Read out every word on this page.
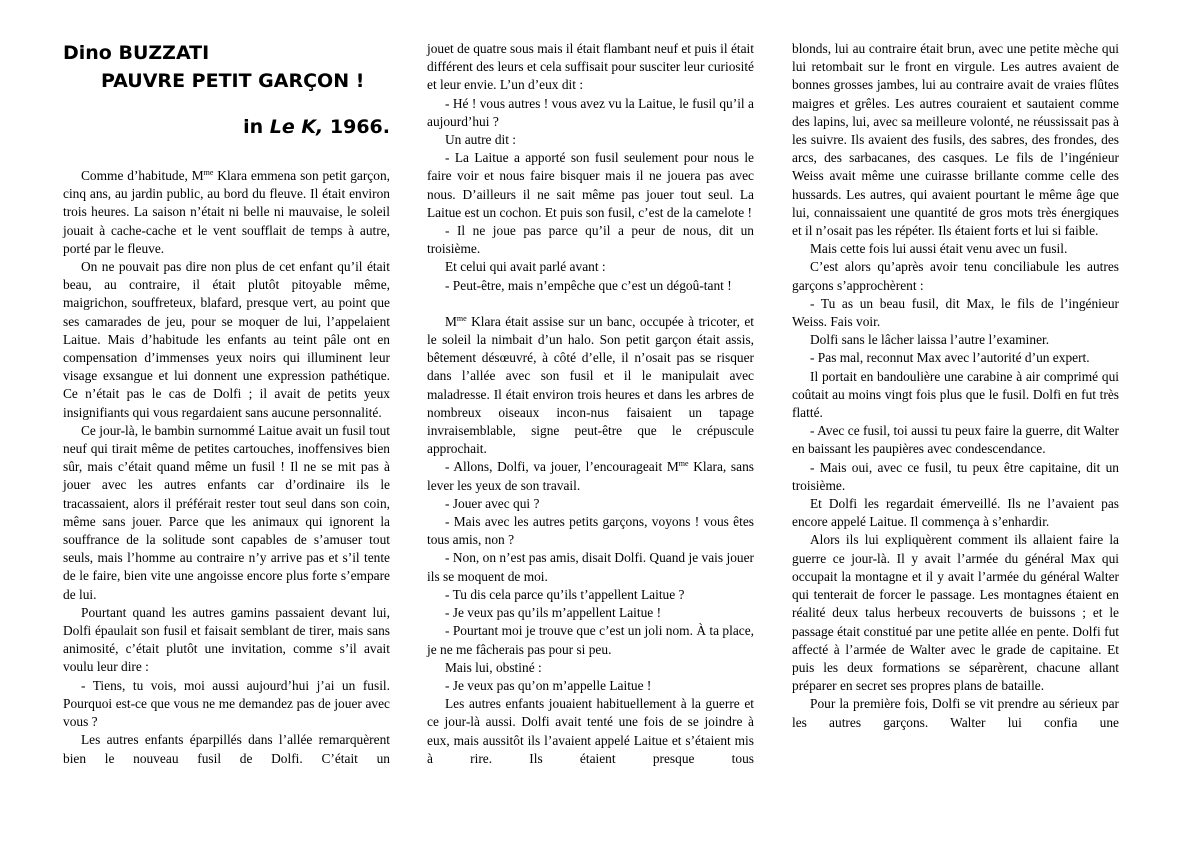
Dino BUZZATI
PAUVRE PETIT GARÇON !
in Le K, 1966.

Comme d’habitude, $M^{me}$ Klara emmena son petit garçon, cinq ans, au jardin public, au bord du fleuve. Il était environ trois heures. La saison n’était ni belle ni mauvaise, le soleil jouait à cache-cache et le vent soufflait de temps à autre, porté par le fleuve.

On ne pouvait pas dire non plus de cet enfant qu’il était beau, au contraire, il était plutôt pitoyable même, maigrichon, souffreteux, blafard, presque vert, au point que ses camarades de jeu, pour se moquer de lui, l’appelaient Laitue. Mais d’habitude les enfants au teint pâle ont en compensation d’immenses yeux noirs qui illuminent leur visage exsangue et lui donnent une expression pathétique. Ce n’était pas le cas de Dolfi ; il avait de petits yeux insignifiants qui vous regardaient sans aucune personnalité.

Ce jour-là, le bambin surnommé Laitue avait un fusil tout neuf qui tirait même de petites cartouches, inoffensives bien sûr, mais c’était quand même un fusil ! Il ne se mit pas à jouer avec les autres enfants car d’ordinaire ils le tracassaient, alors il préférait rester tout seul dans son coin, même sans jouer. Parce que les animaux qui ignorent la souffrance de la solitude sont capables de s’amuser tout seuls, mais l’homme au contraire n’y arrive pas et s’il tente de le faire, bien vite une angoisse encore plus forte s’empare de lui.

Pourtant quand les autres gamins passaient devant lui, Dolfi épaulait son fusil et faisait semblant de tirer, mais sans animosité, c’était plutôt une invitation, comme s’il avait voulu leur dire :

- Tiens, tu vois, moi aussi aujourd’hui j’ai un fusil. Pourquoi est-ce que vous ne me demandez pas de jouer avec vous ?

Les autres enfants éparpillés dans l’allée remarquèrent bien le nouveau fusil de Dolfi. C’était un

jouet de quatre sous mais il était flambant neuf et puis il était différent des leurs et cela suffisait pour susciter leur curiosité et leur envie. L’un d’eux dit :

- Hé ! vous autres ! vous avez vu la Laitue, le fusil qu’il a aujourd’hui ?

Un autre dit :

- La Laitue a apporté son fusil seulement pour nous le faire voir et nous faire bisquer mais il ne jouera pas avec nous. D’ailleurs il ne sait même pas jouer tout seul. La Laitue est un cochon. Et puis son fusil, c’est de la camelote !

- Il ne joue pas parce qu’il a peur de nous, dit un troisième.

Et celui qui avait parlé avant :

- Peut-être, mais n’empêche que c’est un dégoû-tant !

$M^{me}$ Klara était assise sur un banc, occupée à tricoter, et le soleil la nimbait d’un halo. Son petit garçon était assis, bêtement désœuvré, à côté d’elle, il n’osait pas se risquer dans l’allée avec son fusil et il le manipulait avec maladresse. Il était environ trois heures et dans les arbres de nombreux oiseaux incon-nus faisaient un tapage invraisemblable, signe peut-être que le crépuscule approchait.

- Allons, Dolfi, va jouer, l’encourageait $M^{me}$ Klara, sans lever les yeux de son travail.

- Jouer avec qui ?

- Mais avec les autres petits garçons, voyons ! vous êtes tous amis, non ?

- Non, on n’est pas amis, disait Dolfi. Quand je vais jouer ils se moquent de moi.

- Tu dis cela parce qu’ils t’appellent Laitue ?

- Je veux pas qu’ils m’appellent Laitue !

- Pourtant moi je trouve que c’est un joli nom. À ta place, je ne me fâcherais pas pour si peu.

Mais lui, obstiné :

- Je veux pas qu’on m’appelle Laitue !

Les autres enfants jouaient habituellement à la guerre et ce jour-là aussi. Dolfi avait tenté une fois de se joindre à eux, mais aussitôt ils l’avaient appelé Laitue et s’étaient mis à rire. Ils étaient presque tous

blonds, lui au contraire était brun, avec une petite mèche qui lui retombait sur le front en virgule. Les autres avaient de bonnes grosses jambes, lui au contraire avait de vraies flûtes maigres et grêles. Les autres couraient et sautaient comme des lapins, lui, avec sa meilleure volonté, ne réussissait pas à les suivre. Ils avaient des fusils, des sabres, des frondes, des arcs, des sarbacanes, des casques. Le fils de l’ingénieur Weiss avait même une cuirasse brillante comme celle des hussards. Les autres, qui avaient pourtant le même âge que lui, connaissaient une quantité de gros mots très énergiques et il n’osait pas les répéter. Ils étaient forts et lui si faible.

Mais cette fois lui aussi était venu avec un fusil.

C’est alors qu’après avoir tenu conciliabule les autres garçons s’approchèrent :

- Tu as un beau fusil, dit Max, le fils de l’ingénieur Weiss. Fais voir.

Dolfi sans le lâcher laissa l’autre l’examiner.

- Pas mal, reconnut Max avec l’autorité d’un expert.

Il portait en bandoulière une carabine à air comprimé qui coûtait au moins vingt fois plus que le fusil. Dolfi en fut très flatté.

- Avec ce fusil, toi aussi tu peux faire la guerre, dit Walter en baissant les paupières avec condescendance.

- Mais oui, avec ce fusil, tu peux être capitaine, dit un troisième.

Et Dolfi les regardait émerveillé. Ils ne l’avaient pas encore appelé Laitue. Il commença à s’enhardir.

Alors ils lui expliquèrent comment ils allaient faire la guerre ce jour-là. Il y avait l’armée du général Max qui occupait la montagne et il y avait l’armée du général Walter qui tenterait de forcer le passage. Les montagnes étaient en réalité deux talus herbeux recouverts de buissons ; et le passage était constitué par une petite allée en pente. Dolfi fut affecté à l’armée de Walter avec le grade de capitaine. Et puis les deux formations se séparèrent, chacune allant préparer en secret ses propres plans de bataille.

Pour la première fois, Dolfi se vit prendre au sérieux par les autres garçons. Walter lui confia une
